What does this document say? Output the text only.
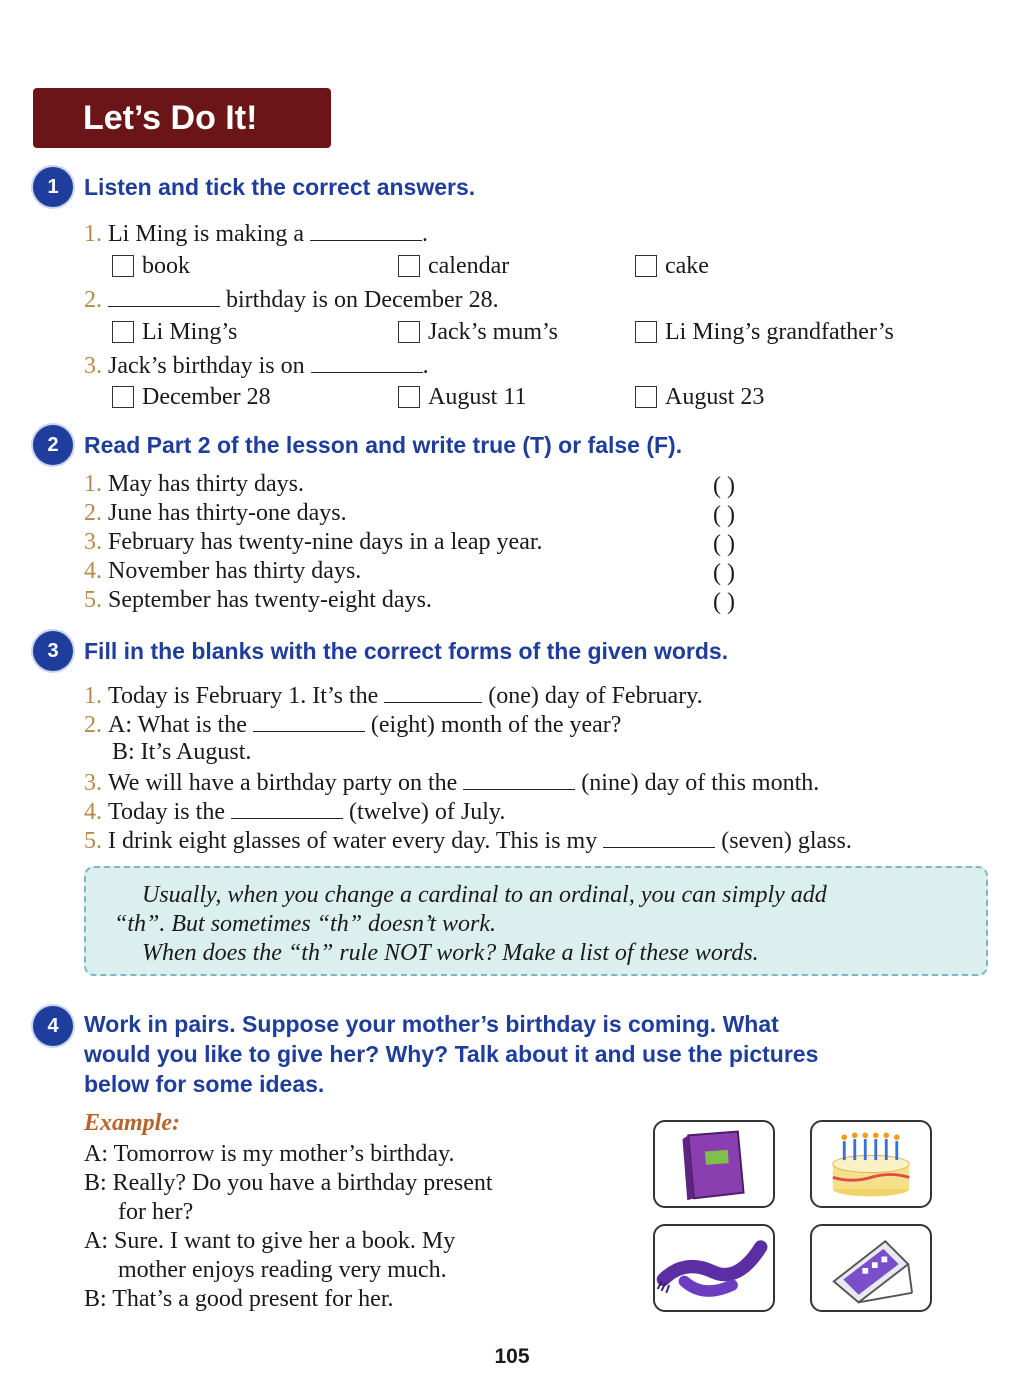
Let’s Do It!
1	Listen and tick the correct answers.
1. Li Ming is making a	.
book	calendar	cake
2.	birthday is on December 28.
Li Ming’s	Jack’s mum’s	Li Ming’s grandfather’s
3. Jack’s birthday is on	.
December 28	August 11	August 23
2	Read Part 2 of the lesson and write true (T) or false (F).
1. May has thirty days.	( )
2. June has thirty-one days.	( )
3. February has twenty-nine days in a leap year.	( )
4. November has thirty days.	( )
5. September has twenty-eight days.	( )
3	Fill in the blanks with the correct forms of the given words.
1. Today is February 1. It’s the	(one) day of February.
2. A: What is the	(eight) month of the year?
B: It’s August.
3. We will have a birthday party on the	(nine) day of this month.
4. Today is the	(twelve) of July.
5. I drink eight glasses of water every day. This is my	(seven) glass.
Usually, when you change a cardinal to an ordinal, you can simply add
“th”. But sometimes “th” doesn’t work.
When does the “th” rule NOT work? Make a list of these words.
4	Work in pairs. Suppose your mother’s birthday is coming. What
would you like to give her? Why? Talk about it and use the pictures
below for some ideas.
Example:
A: Tomorrow is my mother’s birthday.
B: Really? Do you have a birthday present
for her?
A: Sure. I want to give her a book. My
mother enjoys reading very much.
B: That’s a good present for her.
105
